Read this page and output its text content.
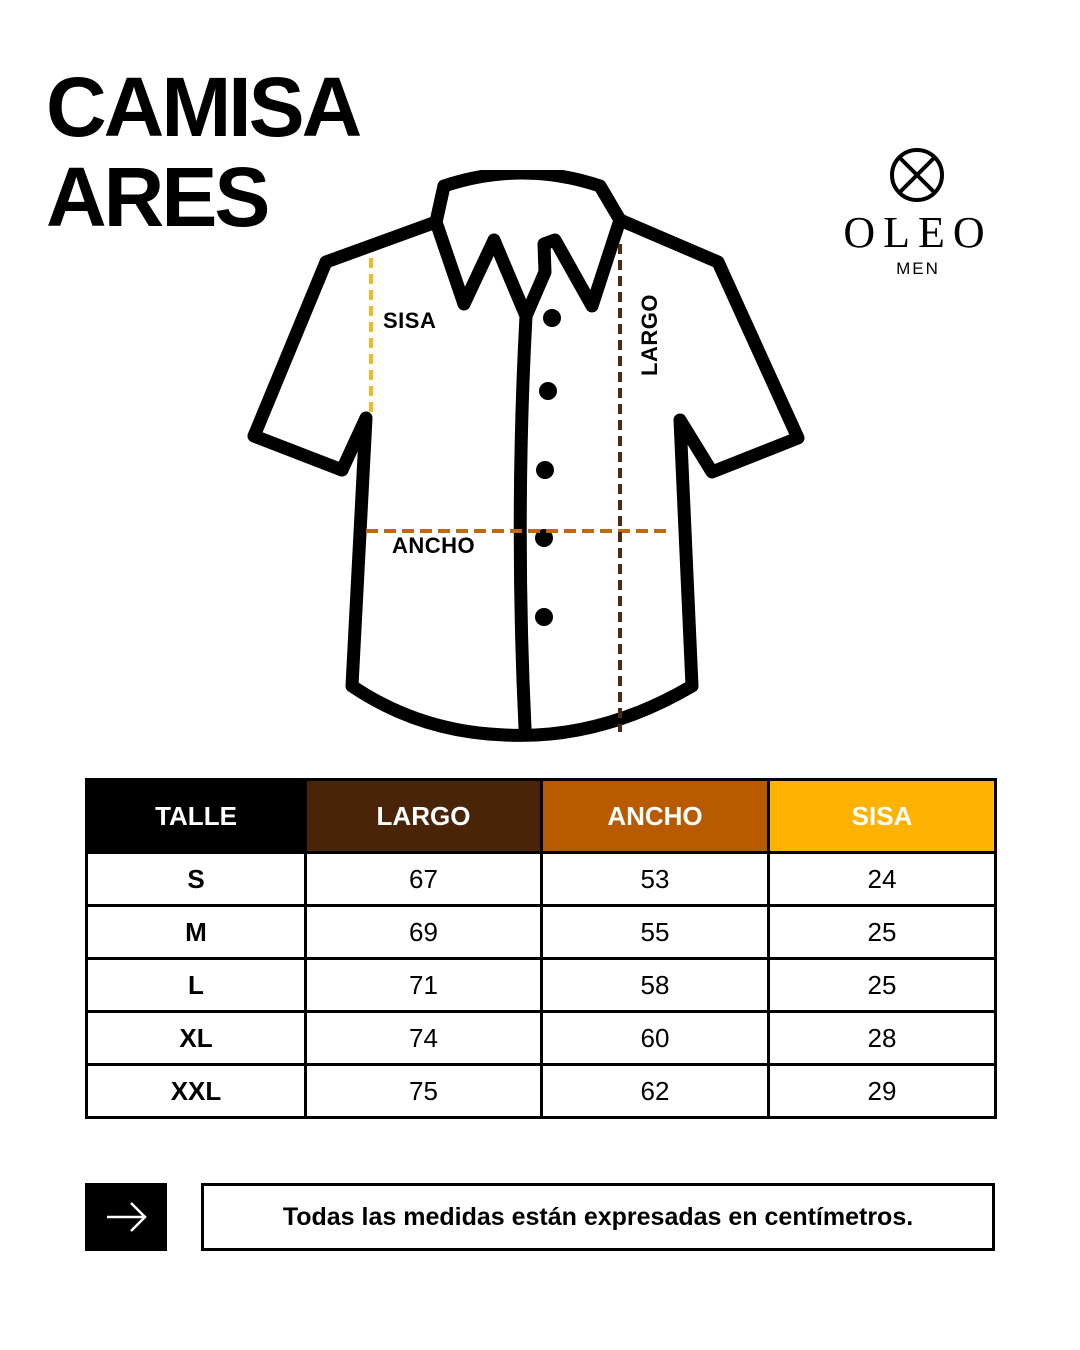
CAMISA
ARES	OLEO
MEN
SISA
ANCHO
LARGO
TALLE	LARGO	ANCHO	SISA
S	67	53	24
M	69	55	25
L	71	58	25
XL	74	60	28
XXL	75	62	29
Todas las medidas están expresadas en centímetros.
